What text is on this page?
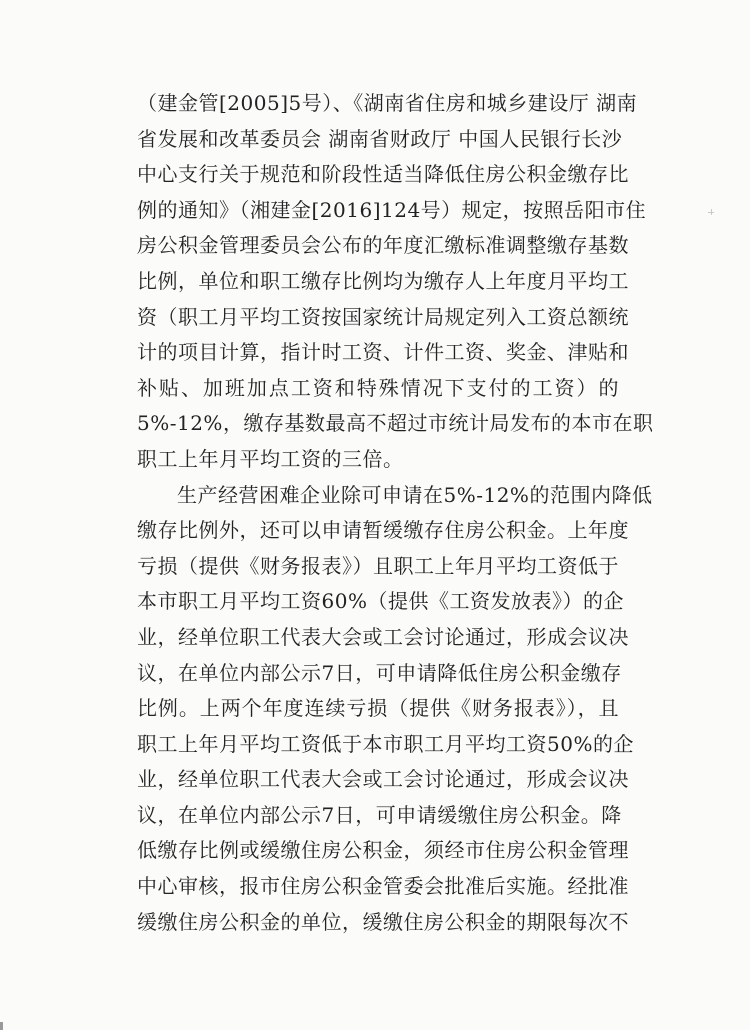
（建金管[2005]5号）、《湖南省住房和城乡建设厅 湖南
省发展和改革委员会 湖南省财政厅 中国人民银行长沙
中心支行关于规范和阶段性适当降低住房公积金缴存比
例的通知》（湘建金[2016]124号）规定，按照岳阳市住
房公积金管理委员会公布的年度汇缴标准调整缴存基数
比例，单位和职工缴存比例均为缴存人上年度月平均工
资（职工月平均工资按国家统计局规定列入工资总额统
计的项目计算，指计时工资、计件工资、奖金、津贴和
补贴、加班加点工资和特殊情况下支付的工资）的
5%-12%，缴存基数最高不超过市统计局发布的本市在职
职工上年月平均工资的三倍。
生产经营困难企业除可申请在5%-12%的范围内降低
缴存比例外，还可以申请暂缓缴存住房公积金。上年度
亏损（提供《财务报表》）且职工上年月平均工资低于
本市职工月平均工资60%（提供《工资发放表》）的企
业，经单位职工代表大会或工会讨论通过，形成会议决
议，在单位内部公示7日，可申请降低住房公积金缴存
比例。上两个年度连续亏损（提供《财务报表》），且
职工上年月平均工资低于本市职工月平均工资50%的企
业，经单位职工代表大会或工会讨论通过，形成会议决
议，在单位内部公示7日，可申请缓缴住房公积金。降
低缴存比例或缓缴住房公积金，须经市住房公积金管理
中心审核，报市住房公积金管委会批准后实施。经批准
缓缴住房公积金的单位，缓缴住房公积金的期限每次不
